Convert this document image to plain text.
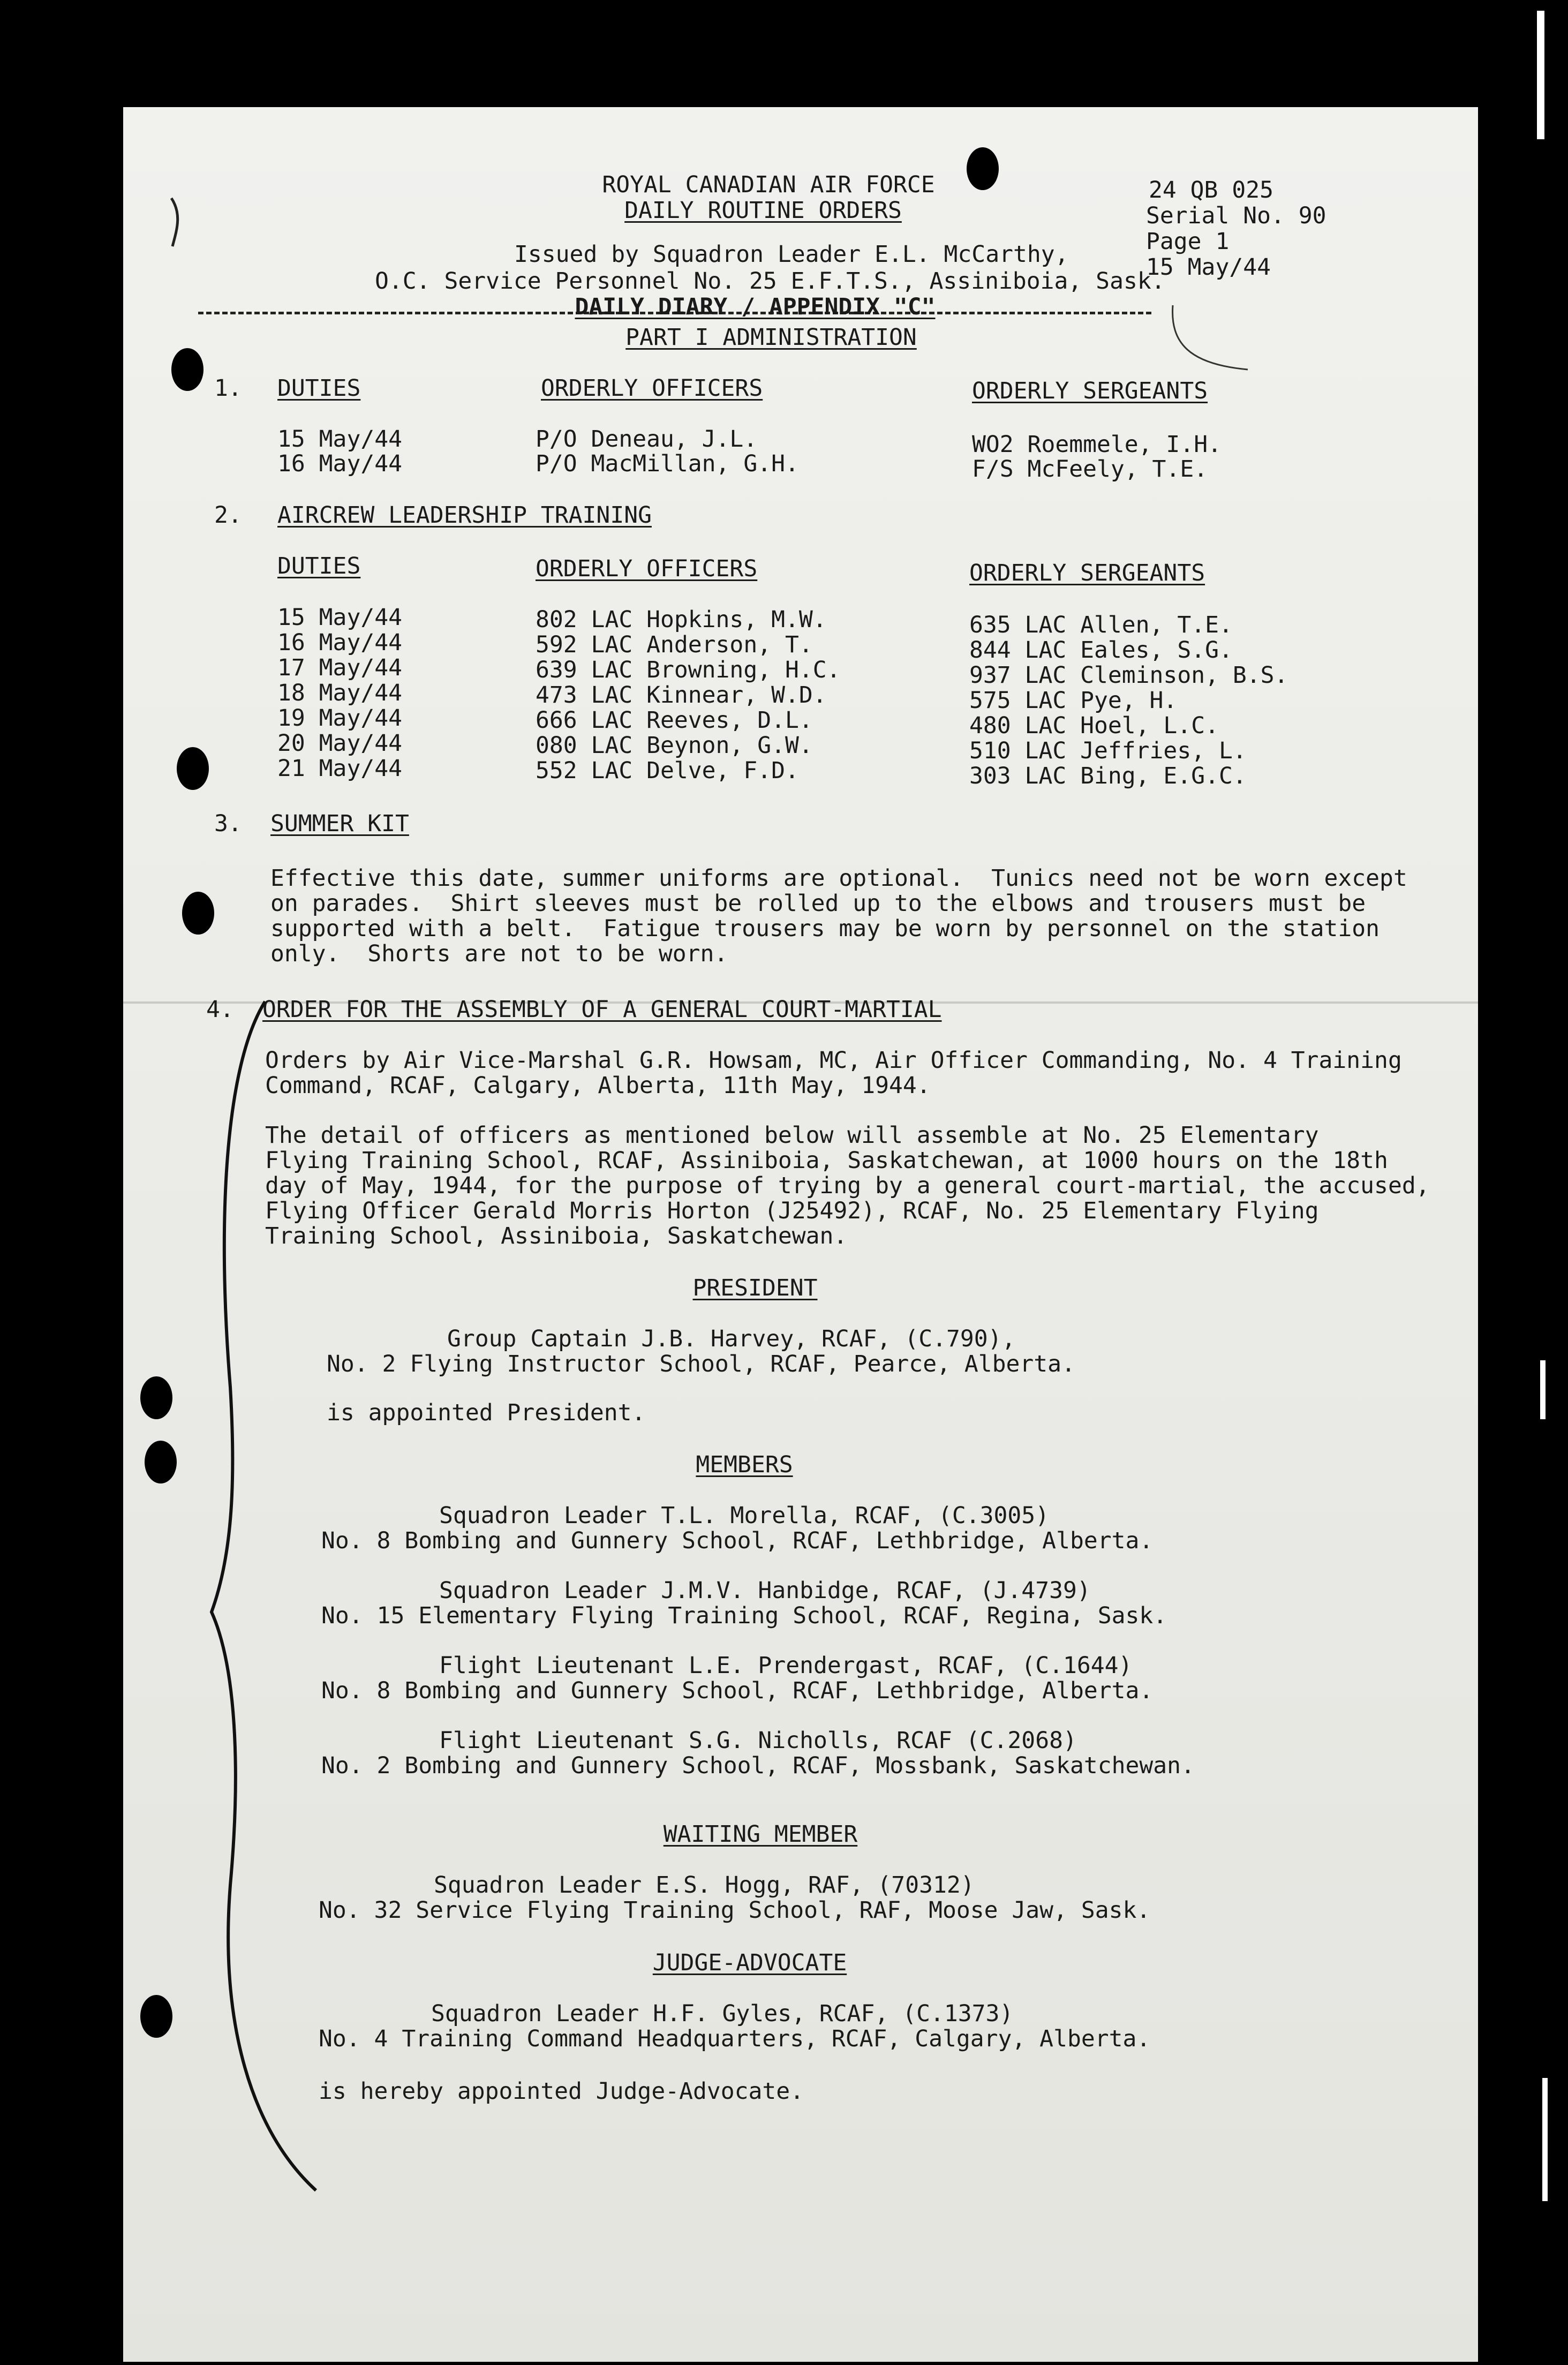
ROYAL CANADIAN AIR FORCE
DAILY ROUTINE ORDERS
24 QB 025
Serial No. 90
Page 1
15 May/44
Issued by Squadron Leader E.L. McCarthy,
O.C. Service Personnel No. 25 E.F.T.S., Assiniboia, Sask.
DAILY DIARY / APPENDIX "C"
PART I ADMINISTRATION
1. DUTIES	ORDERLY OFFICERS	ORDERLY SERGEANTS
15 May/44	P/O Deneau, J.L.	WO2 Roemmele, I.H.
16 May/44	P/O MacMillan, G.H.	F/S McFeely, T.E.
2. AIRCREW LEADERSHIP TRAINING
DUTIES	ORDERLY OFFICERS	ORDERLY SERGEANTS
15 May/44	802 LAC Hopkins, M.W.	635 LAC Allen, T.E.
16 May/44	592 LAC Anderson, T.	844 LAC Eales, S.G.
17 May/44	639 LAC Browning, H.C.	937 LAC Cleminson, B.S.
18 May/44	473 LAC Kinnear, W.D.	575 LAC Pye, H.
19 May/44	666 LAC Reeves, D.L.	480 LAC Hoel, L.C.
20 May/44	080 LAC Beynon, G.W.	510 LAC Jeffries, L.
21 May/44	552 LAC Delve, F.D.	303 LAC Bing, E.G.C.
3. SUMMER KIT
Effective this date, summer uniforms are optional.  Tunics need not be worn except
on parades.  Shirt sleeves must be rolled up to the elbows and trousers must be
supported with a belt.  Fatigue trousers may be worn by personnel on the station
only.  Shorts are not to be worn.
4. ORDER FOR THE ASSEMBLY OF A GENERAL COURT-MARTIAL
Orders by Air Vice-Marshal G.R. Howsam, MC, Air Officer Commanding, No. 4 Training
Command, RCAF, Calgary, Alberta, 11th May, 1944.
The detail of officers as mentioned below will assemble at No. 25 Elementary
Flying Training School, RCAF, Assiniboia, Saskatchewan, at 1000 hours on the 18th
day of May, 1944, for the purpose of trying by a general court-martial, the accused,
Flying Officer Gerald Morris Horton (J25492), RCAF, No. 25 Elementary Flying
Training School, Assiniboia, Saskatchewan.
PRESIDENT
Group Captain J.B. Harvey, RCAF, (C.790),
No. 2 Flying Instructor School, RCAF, Pearce, Alberta.
is appointed President.
MEMBERS
Squadron Leader T.L. Morella, RCAF, (C.3005)
No. 8 Bombing and Gunnery School, RCAF, Lethbridge, Alberta.
Squadron Leader J.M.V. Hanbidge, RCAF, (J.4739)
No. 15 Elementary Flying Training School, RCAF, Regina, Sask.
Flight Lieutenant L.E. Prendergast, RCAF, (C.1644)
No. 8 Bombing and Gunnery School, RCAF, Lethbridge, Alberta.
Flight Lieutenant S.G. Nicholls, RCAF (C.2068)
No. 2 Bombing and Gunnery School, RCAF, Mossbank, Saskatchewan.
WAITING MEMBER
Squadron Leader E.S. Hogg, RAF, (70312)
No. 32 Service Flying Training School, RAF, Moose Jaw, Sask.
JUDGE-ADVOCATE
Squadron Leader H.F. Gyles, RCAF, (C.1373)
No. 4 Training Command Headquarters, RCAF, Calgary, Alberta.
is hereby appointed Judge-Advocate.
